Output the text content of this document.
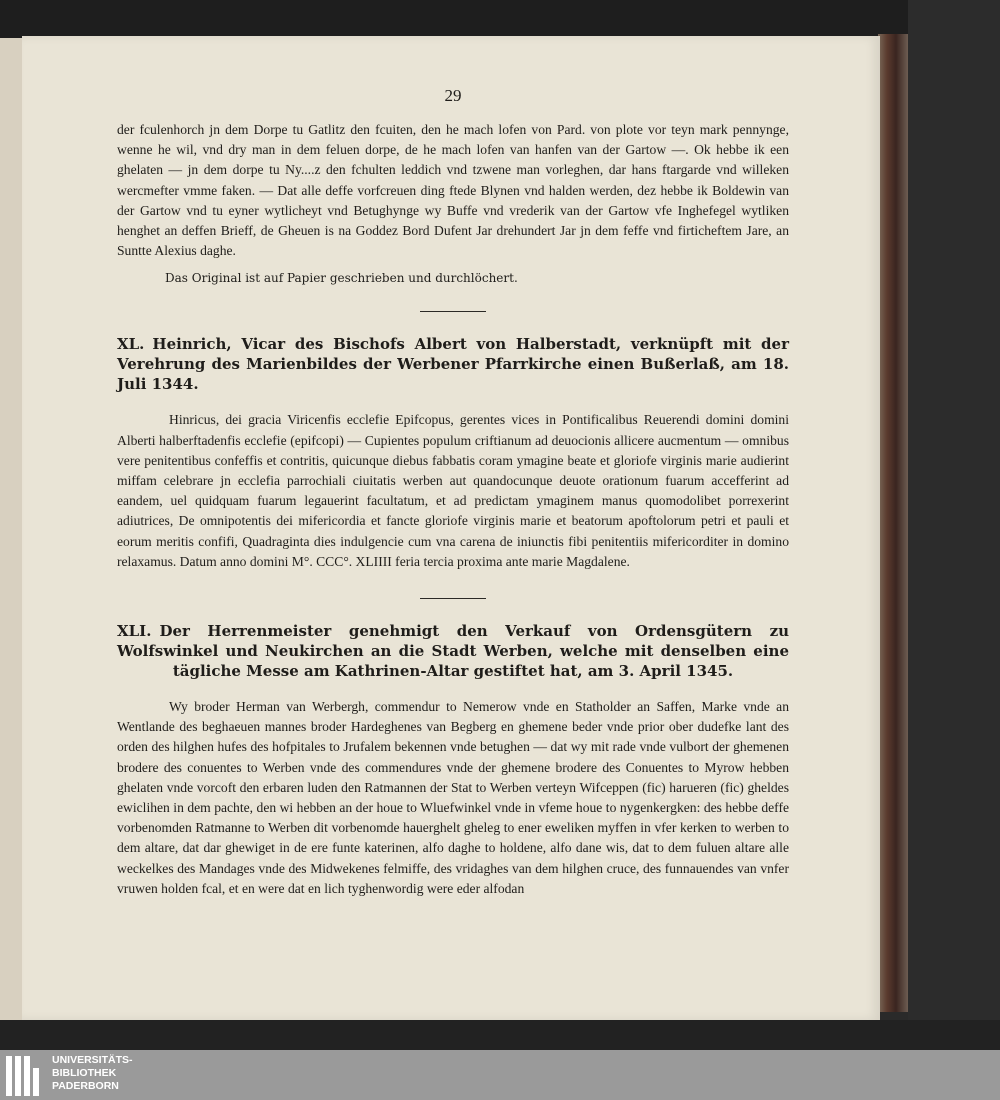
29

der fculenhorch jn dem Dorpe tu Gatlitz den fcuiten, den he mach lofen von Pard. von plote vor teyn mark pennynge, wenne he wil, vnd dry man in dem feluen dorpe, de he mach lofen van hanfen van der Gartow —. Ok hebbe ik een ghelaten — jn dem dorpe tu Ny....z den fchulten leddich vnd tzwene man vorleghen, dar hans ftargarde vnd willeken wercmefter vmme faken. — Dat alle deffe vorfcreuen ding ftede Blynen vnd halden werden, dez hebbe ik Boldewin van der Gartow vnd tu eyner wytlicheyt vnd Betughynge wy Buffe vnd vrederik van der Gartow vfe Inghefegel wytliken henghet an deffen Brieff, de Gheuen is na Goddez Bord Dufent Jar drehundert Jar jn dem feffe vnd firticheftem Jare, an Suntte Alexius daghe.

Das Original ist auf Papier geschrieben und durchlöchert.
XL. Heinrich, Vicar des Bischofs Albert von Halberstadt, verknüpft mit der Verehrung des Marienbildes der Werbener Pfarrkirche einen Bußerlaß, am 18. Juli 1344.

Hinricus, dei gracia Viricenfis ecclefie Epifcopus, gerentes vices in Pontificalibus Reuerendi domini domini Alberti halberftadenfis ecclefie (epifcopi) — Cupientes populum criftianum ad deuocionis allicere aucmentum — omnibus vere penitentibus confeffis et contritis, quicunque diebus fabbatis coram ymagine beate et gloriofe virginis marie audierint miffam celebrare jn ecclefia parrochiali ciuitatis werben aut quandocunque deuote orationum fuarum accefferint ad eandem, uel quidquam fuarum legauerint facultatum, et ad predictam ymaginem manus quomodolibet porrexerint adiutrices, De omnipotentis dei mifericordia et fancte gloriofe virginis marie et beatorum apoftolorum petri et pauli et eorum meritis confifi, Quadraginta dies indulgencie cum vna carena de iniunctis fibi penitentiis mifericorditer in domino relaxamus. Datum anno domini M°. CCC°. XLIIII feria tercia proxima ante marie Magdalene.

XLI. Der Herrenmeister genehmigt den Verkauf von Ordensgütern zu Wolfswinkel und Neukirchen an die Stadt Werben, welche mit denselben eine tägliche Messe am Kathrinen-Altar gestiftet hat, am 3. April 1345.

Wy broder Herman van Werbergh, commendur to Nemerow vnde en Statholder an Saffen, Marke vnde an Wentlande des beghaeuen mannes broder Hardeghenes van Begberg en ghemene beder vnde prior ober dudefke lant des orden des hilghen hufes des hofpitales to Jrufalem bekennen vnde betughen — dat wy mit rade vnde vulbort der ghemenen brodere des conuentes to Werben vnde des commendures vnde der ghemene brodere des Conuentes to Myrow hebben ghelaten vnde vorcoft den erbaren luden den Ratmannen der Stat to Werben verteyn Wifceppen (fic) harueren (fic) gheldes ewiclihen in dem pachte, den wi hebben an der houe to Wluefwinkel vnde in vfeme houe to nygenkergken: des hebbe deffe vorbenomden Ratmanne to Werben dit vorbenomde hauerghelt gheleg to ener eweliken myffen in vfer kerken to werben to dem altare, dat dar ghewiget in de ere funte katerinen, alfo daghe to holdene, alfo dane wis, dat to dem fuluen altare alle weckelkes des Mandages vnde des Midwekenes felmiffe, des vridaghes van dem hilghen cruce, des funnauendes van vnfer vruwen holden fcal, et en were dat en lich tyghenwordig were eder alfodan

UNIVERSITÄTS-
BIBLIOTHEK
PADERBORN
